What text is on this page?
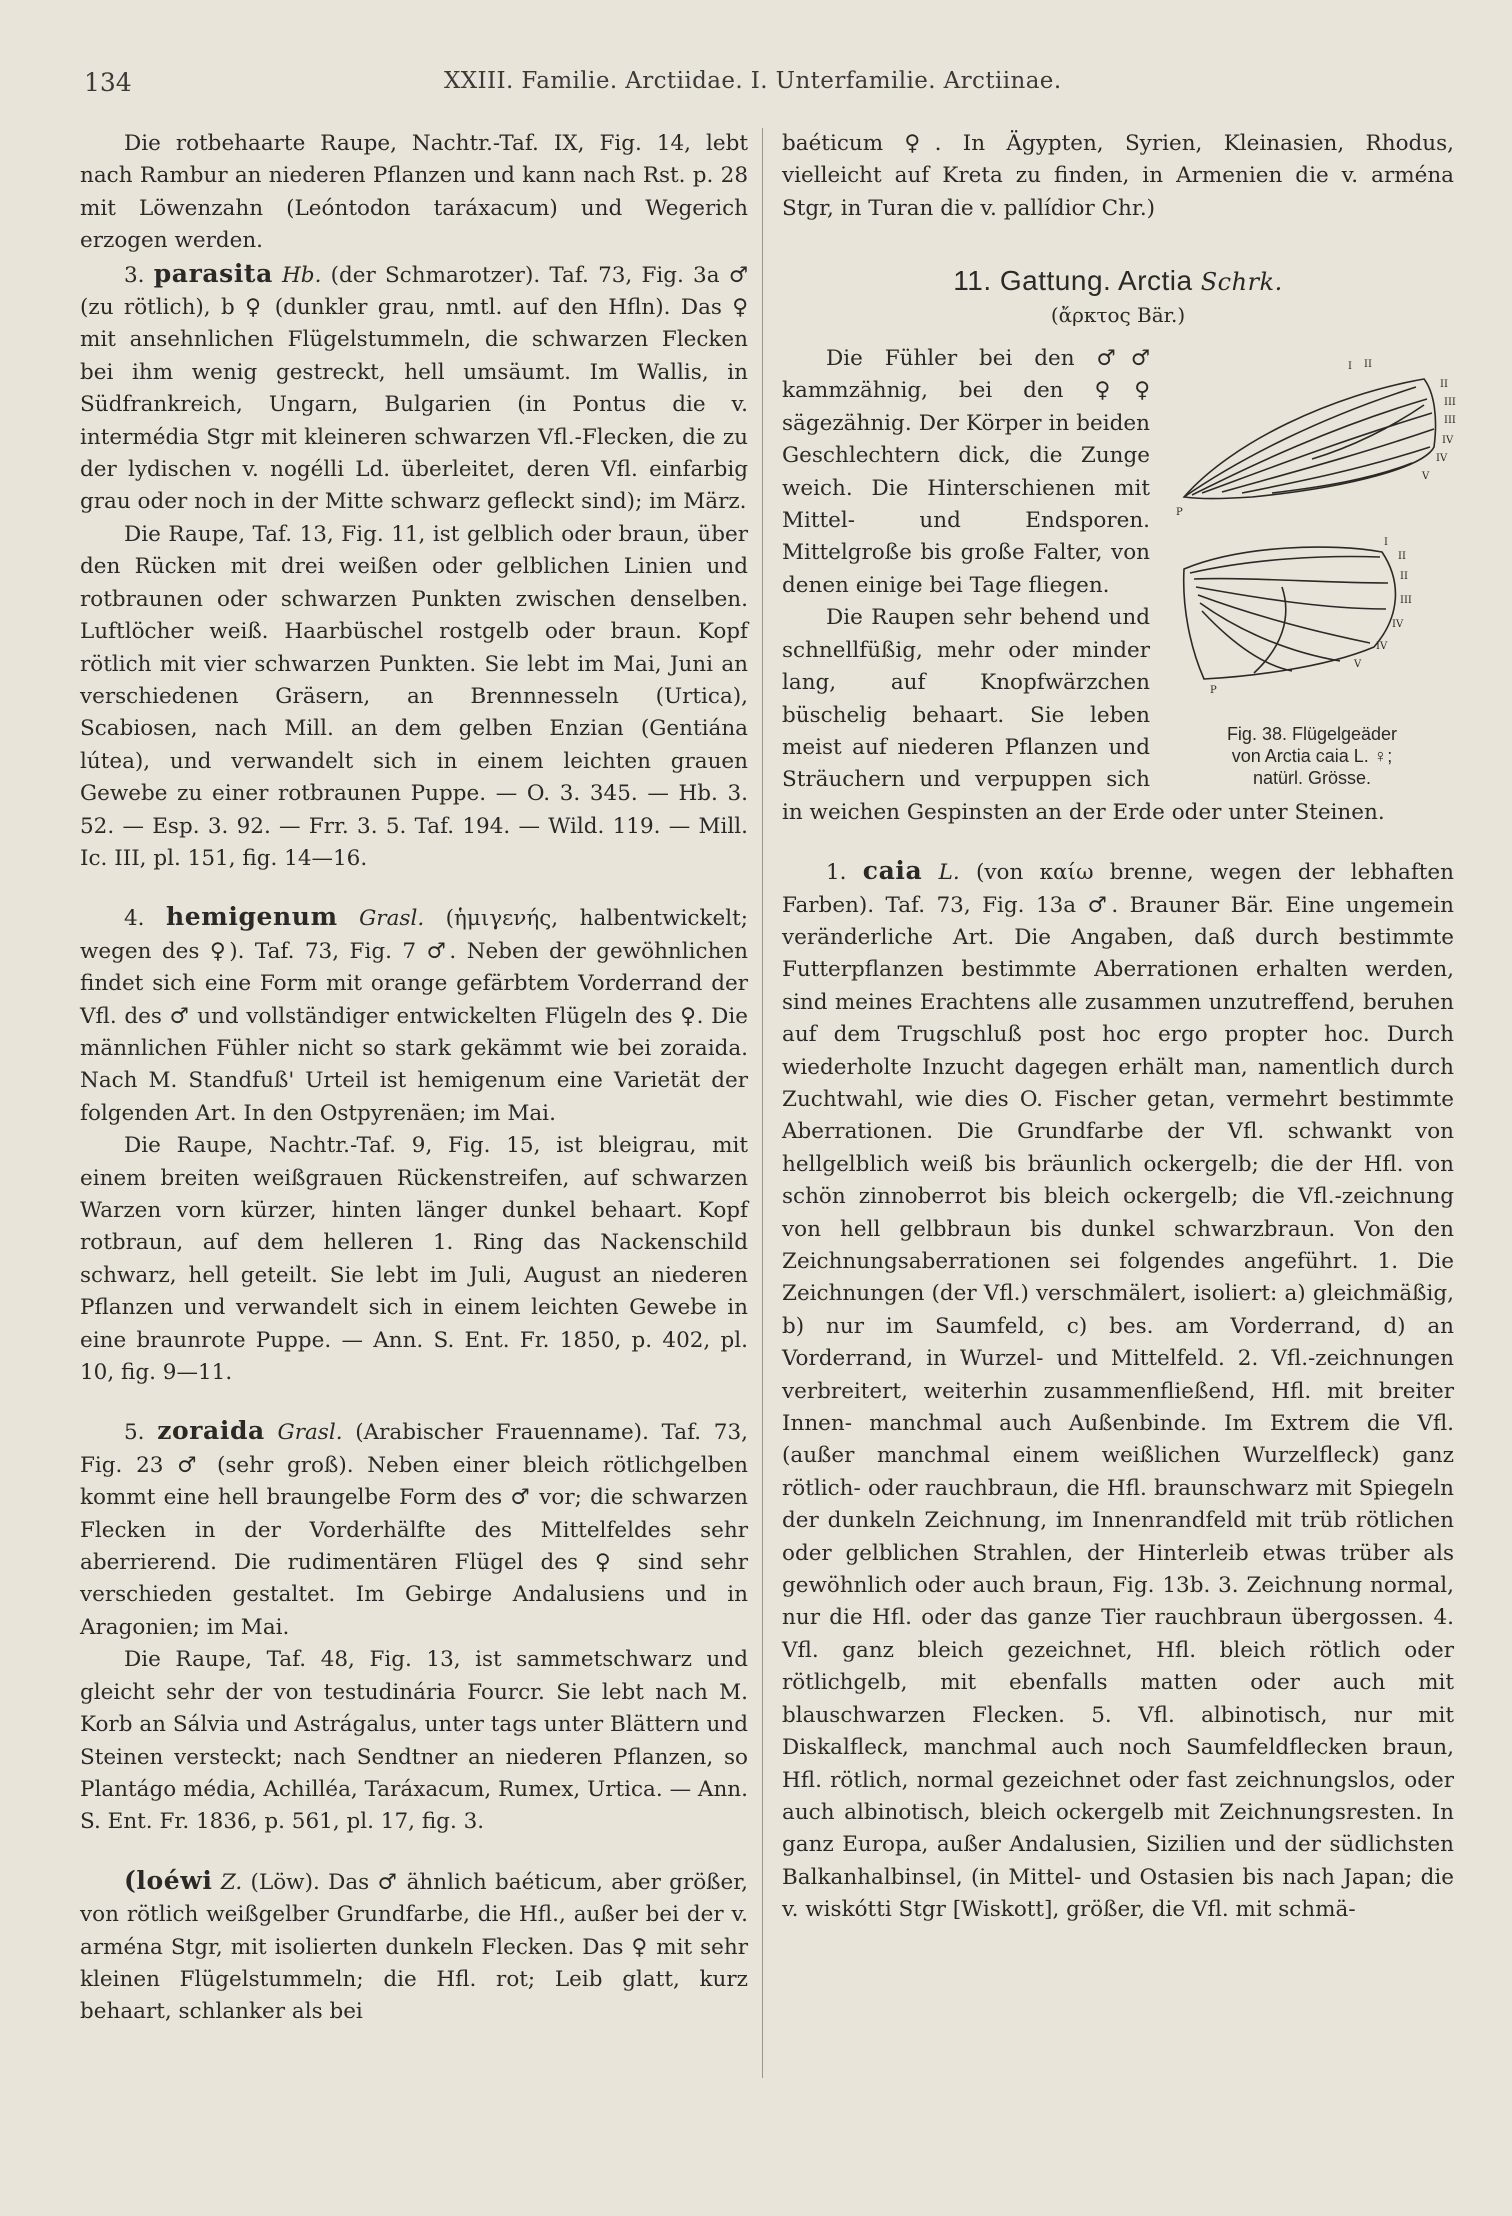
134	XXIII. Familie. Arctiidae. I. Unterfamilie. Arctiinae.

Die rotbehaarte Raupe, Nachtr.-Taf. IX, Fig. 14, lebt nach Rambur an niederen Pflanzen und kann nach Rst. p. 28 mit Löwenzahn (Leóntodon taráxacum) und Wegerich erzogen werden.

3. parasita Hb. (der Schmarotzer). Taf. 73, Fig. 3a ♂ (zu rötlich), b ♀ (dunkler grau, nmtl. auf den Hfln). Das ♀ mit ansehnlichen Flügelstummeln, die schwarzen Flecken bei ihm wenig gestreckt, hell umsäumt. Im Wallis, in Südfrankreich, Ungarn, Bulgarien (in Pontus die v. intermédia Stgr mit kleineren schwarzen Vfl.-Flecken, die zu der lydischen v. nogélli Ld. überleitet, deren Vfl. einfarbig grau oder noch in der Mitte schwarz gefleckt sind); im März.

Die Raupe, Taf. 13, Fig. 11, ist gelblich oder braun, über den Rücken mit drei weißen oder gelblichen Linien und rotbraunen oder schwarzen Punkten zwischen denselben. Luftlöcher weiß. Haarbüschel rostgelb oder braun. Kopf rötlich mit vier schwarzen Punkten. Sie lebt im Mai, Juni an verschiedenen Gräsern, an Brennnesseln (Urtica), Scabiosen, nach Mill. an dem gelben Enzian (Gentiána lútea), und verwandelt sich in einem leichten grauen Gewebe zu einer rotbraunen Puppe. — O. 3. 345. — Hb. 3. 52. — Esp. 3. 92. — Frr. 3. 5. Taf. 194. — Wild. 119. — Mill. Ic. III, pl. 151, fig. 14—16.

4. hemigenum Grasl. (ἡμιγενής, halbentwickelt; wegen des ♀). Taf. 73, Fig. 7 ♂. Neben der gewöhnlichen findet sich eine Form mit orange gefärbtem Vorderrand der Vfl. des ♂ und vollständiger entwickelten Flügeln des ♀. Die männlichen Fühler nicht so stark gekämmt wie bei zoraida. Nach M. Standfuß' Urteil ist hemigenum eine Varietät der folgenden Art. In den Ostpyrenäen; im Mai.

Die Raupe, Nachtr.-Taf. 9, Fig. 15, ist bleigrau, mit einem breiten weißgrauen Rückenstreifen, auf schwarzen Warzen vorn kürzer, hinten länger dunkel behaart. Kopf rotbraun, auf dem helleren 1. Ring das Nackenschild schwarz, hell geteilt. Sie lebt im Juli, August an niederen Pflanzen und verwandelt sich in einem leichten Gewebe in eine braunrote Puppe. — Ann. S. Ent. Fr. 1850, p. 402, pl. 10, fig. 9—11.

5. zoraida Grasl. (Arabischer Frauenname). Taf. 73, Fig. 23 ♂ (sehr groß). Neben einer bleich rötlichgelben kommt eine hell braungelbe Form des ♂ vor; die schwarzen Flecken in der Vorderhälfte des Mittelfeldes sehr aberrierend. Die rudimentären Flügel des ♀ sind sehr verschieden gestaltet. Im Gebirge Andalusiens und in Aragonien; im Mai.

Die Raupe, Taf. 48, Fig. 13, ist sammetschwarz und gleicht sehr der von testudinária Fourcr. Sie lebt nach M. Korb an Sálvia und Astrágalus, unter tags unter Blättern und Steinen versteckt; nach Sendtner an niederen Pflanzen, so Plantágo média, Achilléa, Taráxacum, Rumex, Urtica. — Ann. S. Ent. Fr. 1836, p. 561, pl. 17, fig. 3.

(loéwi Z. (Löw). Das ♂ ähnlich baéticum, aber größer, von rötlich weißgelber Grundfarbe, die Hfl., außer bei der v. arména Stgr, mit isolierten dunkeln Flecken. Das ♀ mit sehr kleinen Flügelstummeln; die Hfl. rot; Leib glatt, kurz behaart, schlanker als bei

baéticum ♀. In Ägypten, Syrien, Kleinasien, Rhodus, vielleicht auf Kreta zu finden, in Armenien die v. arména Stgr, in Turan die v. pallídior Chr.)

11. Gattung. Arctia Schrk.

(ἄρκτος Bär.)

I II
II
III
III
IV
IV
V
P
I
II
II
III
IV
IV
V
P
Fig. 38. Flügelgeäder
von Arctia caia L. ♀;
natürl. Grösse.

Die Fühler bei den ♂♂ kammzähnig, bei den ♀♀ sägezähnig. Der Körper in beiden Geschlechtern dick, die Zunge weich. Die Hinterschienen mit Mittel- und Endsporen. Mittelgroße bis große Falter, von denen einige bei Tage fliegen.

Die Raupen sehr behend und schnellfüßig, mehr oder minder lang, auf Knopfwärzchen büschelig behaart. Sie leben meist auf niederen Pflanzen und Sträuchern und verpuppen sich in weichen Gespinsten an der Erde oder unter Steinen.

1. caia L. (von καίω brenne, wegen der lebhaften Farben). Taf. 73, Fig. 13a ♂. Brauner Bär. Eine ungemein veränderliche Art. Die Angaben, daß durch bestimmte Futterpflanzen bestimmte Aberrationen erhalten werden, sind meines Erachtens alle zusammen unzutreffend, beruhen auf dem Trugschluß post hoc ergo propter hoc. Durch wiederholte Inzucht dagegen erhält man, namentlich durch Zuchtwahl, wie dies O. Fischer getan, vermehrt bestimmte Aberrationen. Die Grundfarbe der Vfl. schwankt von hellgelblich weiß bis bräunlich ockergelb; die der Hfl. von schön zinnoberrot bis bleich ockergelb; die Vfl.-zeichnung von hell gelbbraun bis dunkel schwarzbraun. Von den Zeichnungsaberrationen sei folgendes angeführt. 1. Die Zeichnungen (der Vfl.) verschmälert, isoliert: a) gleichmäßig, b) nur im Saumfeld, c) bes. am Vorderrand, d) an Vorderrand, in Wurzel- und Mittelfeld. 2. Vfl.-zeichnungen verbreitert, weiterhin zusammenfließend, Hfl. mit breiter Innen- manchmal auch Außenbinde. Im Extrem die Vfl. (außer manchmal einem weißlichen Wurzelfleck) ganz rötlich- oder rauchbraun, die Hfl. braunschwarz mit Spiegeln der dunkeln Zeichnung, im Innenrandfeld mit trüb rötlichen oder gelblichen Strahlen, der Hinterleib etwas trüber als gewöhnlich oder auch braun, Fig. 13b. 3. Zeichnung normal, nur die Hfl. oder das ganze Tier rauchbraun übergossen. 4. Vfl. ganz bleich gezeichnet, Hfl. bleich rötlich oder rötlichgelb, mit ebenfalls matten oder auch mit blauschwarzen Flecken. 5. Vfl. albinotisch, nur mit Diskalfleck, manchmal auch noch Saumfeldflecken braun, Hfl. rötlich, normal gezeichnet oder fast zeichnungslos, oder auch albinotisch, bleich ockergelb mit Zeichnungsresten. In ganz Europa, außer Andalusien, Sizilien und der südlichsten Balkanhalbinsel, (in Mittel- und Ostasien bis nach Japan; die v. wiskótti Stgr [Wiskott], größer, die Vfl. mit schmä-
